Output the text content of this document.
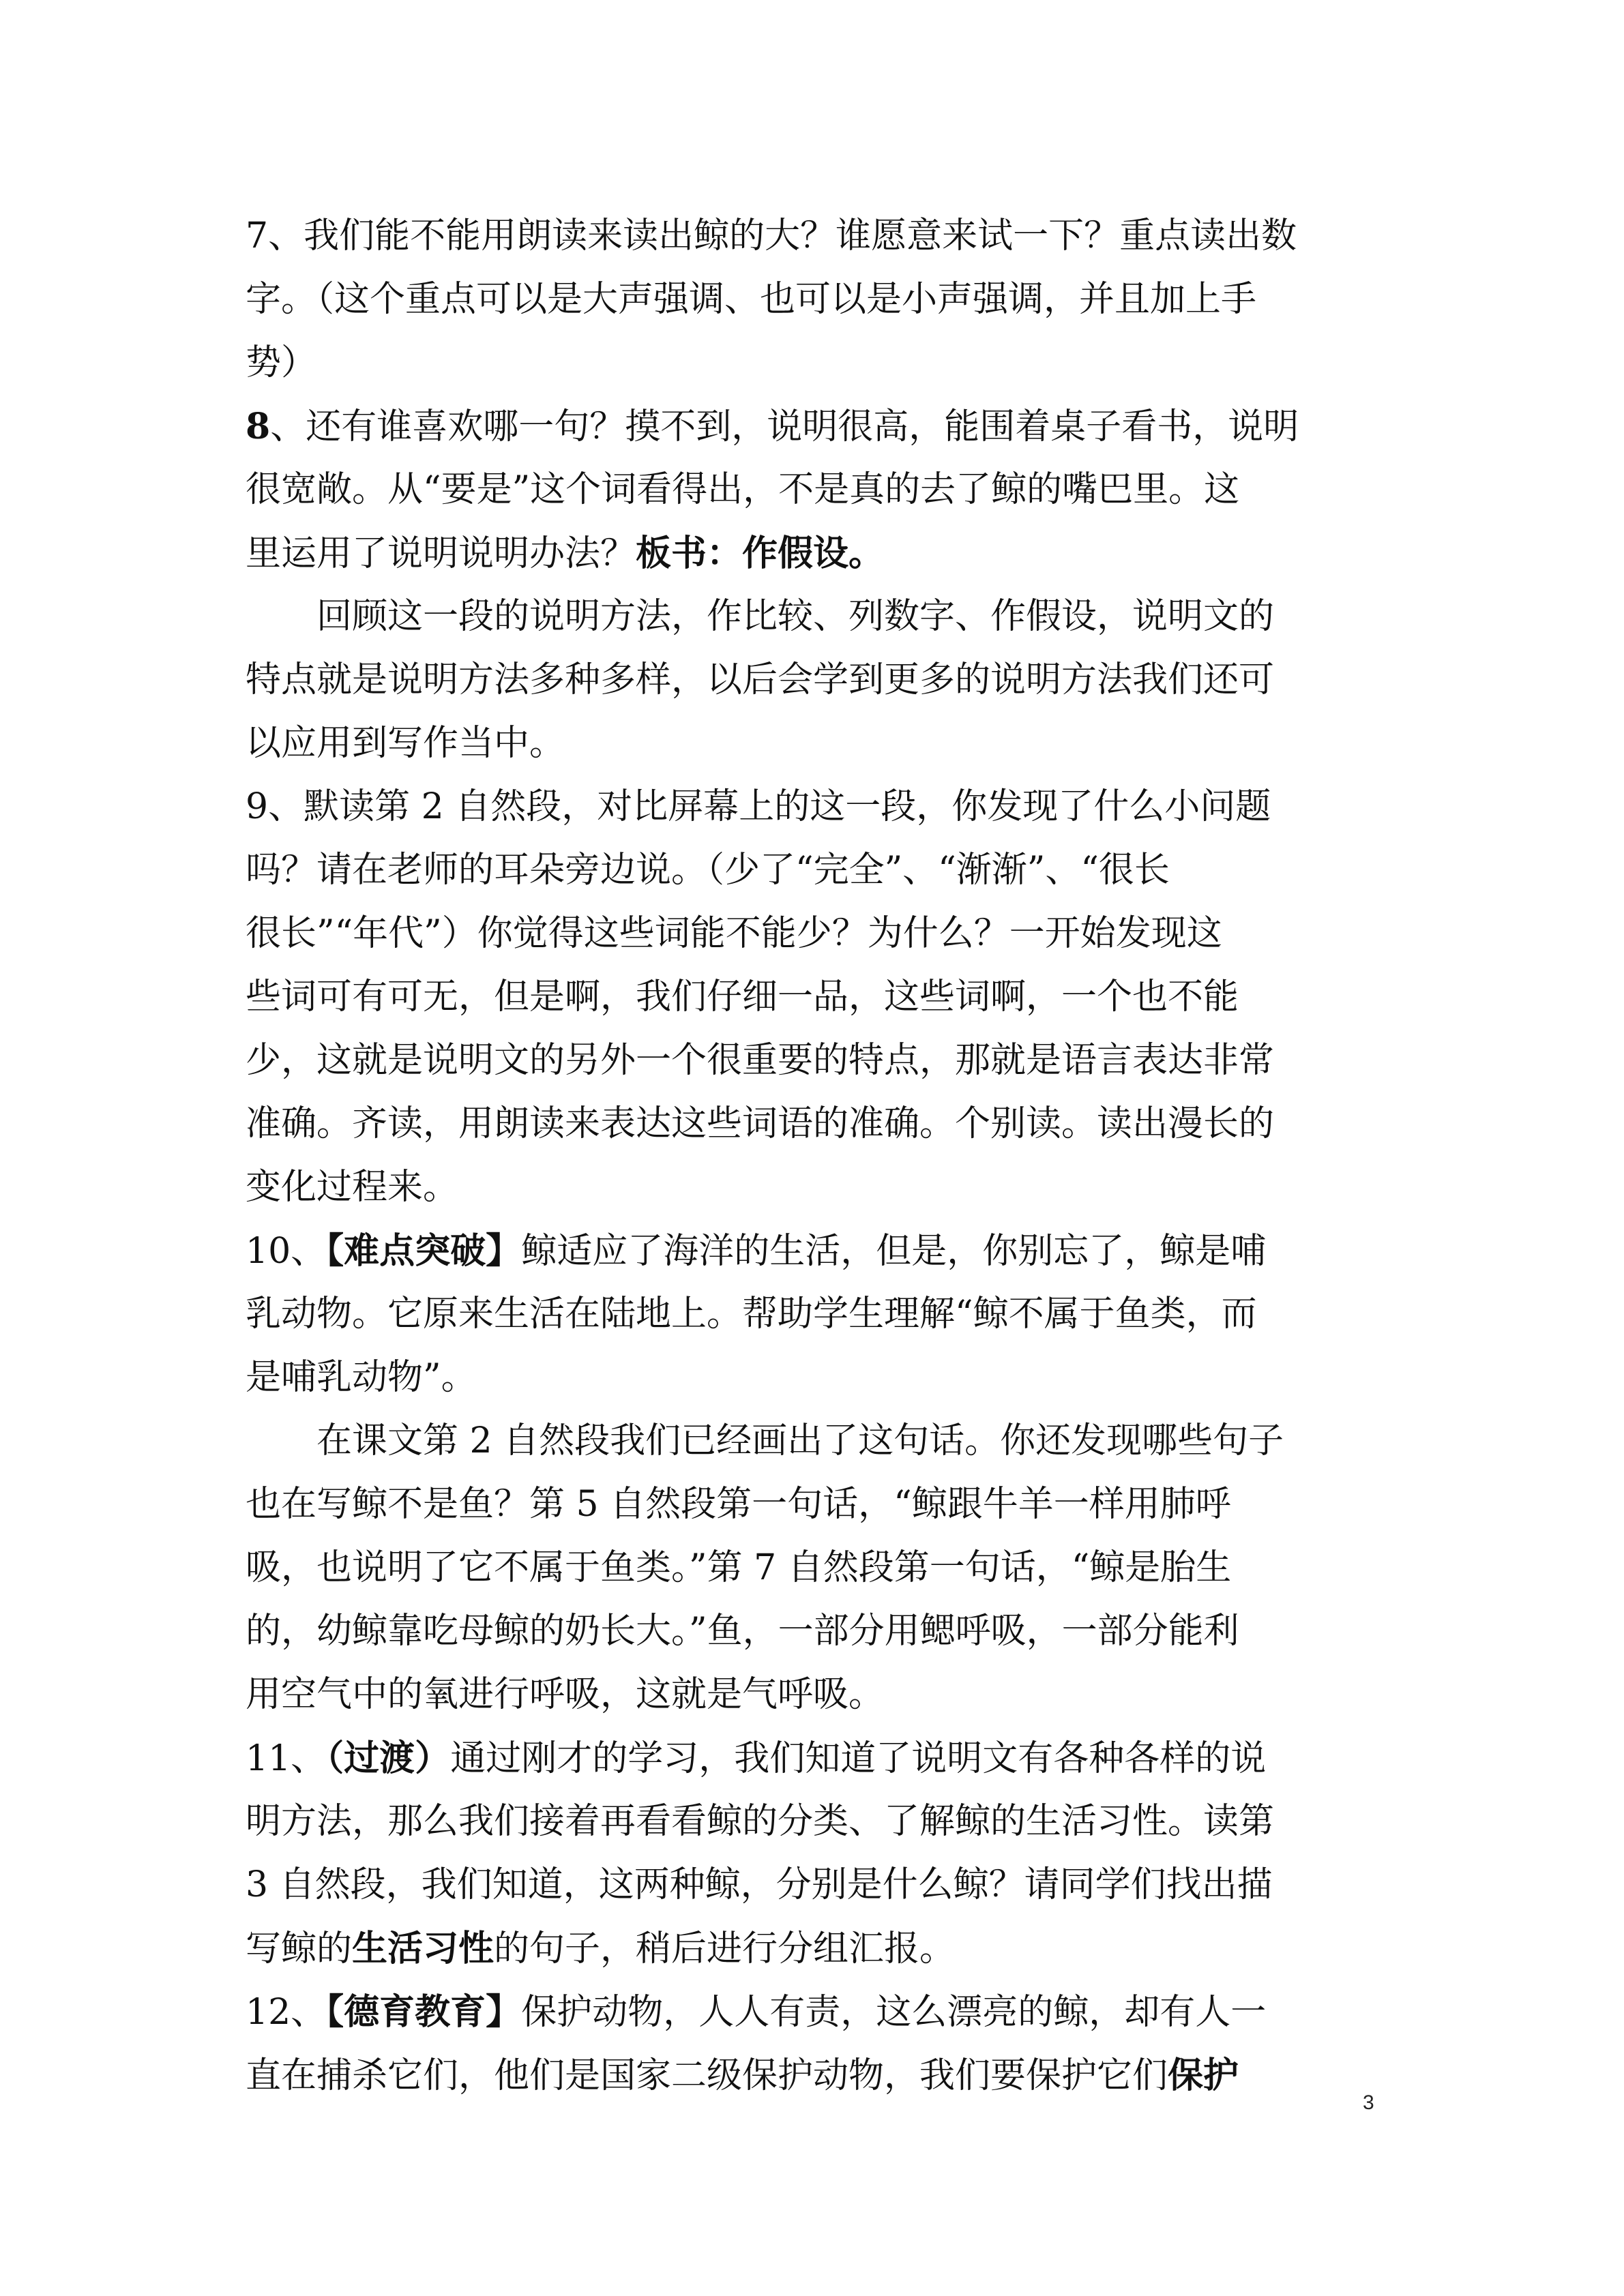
7、我们能不能用朗读来读出鲸的大？谁愿意来试一下？重点读出数
字。（这个重点可以是大声强调、也可以是小声强调，并且加上手
势）
8、还有谁喜欢哪一句？摸不到，说明很高，能围着桌子看书，说明
很宽敞。从“要是”这个词看得出，不是真的去了鲸的嘴巴里。这
里运用了说明说明办法？板书：作假设。
回顾这一段的说明方法，作比较、列数字、作假设，说明文的
特点就是说明方法多种多样，以后会学到更多的说明方法我们还可
以应用到写作当中。
9、默读第 2 自然段，对比屏幕上的这一段，你发现了什么小问题
吗？请在老师的耳朵旁边说。（少了“完全”、“渐渐”、“很长
很长”“年代”）你觉得这些词能不能少？为什么？一开始发现这
些词可有可无，但是啊，我们仔细一品，这些词啊，一个也不能
少，这就是说明文的另外一个很重要的特点，那就是语言表达非常
准确。齐读，用朗读来表达这些词语的准确。个别读。读出漫长的
变化过程来。
10、【难点突破】鲸适应了海洋的生活，但是，你别忘了，鲸是哺
乳动物。它原来生活在陆地上。帮助学生理解“鲸不属于鱼类，而
是哺乳动物”。
在课文第 2 自然段我们已经画出了这句话。你还发现哪些句子
也在写鲸不是鱼？第 5 自然段第一句话，“鲸跟牛羊一样用肺呼
吸，也说明了它不属于鱼类。”第 7 自然段第一句话，“鲸是胎生
的，幼鲸靠吃母鲸的奶长大。”鱼，一部分用鳃呼吸，一部分能利
用空气中的氧进行呼吸，这就是气呼吸。
11、（过渡）通过刚才的学习，我们知道了说明文有各种各样的说
明方法，那么我们接着再看看鲸的分类、了解鲸的生活习性。读第
3 自然段，我们知道，这两种鲸，分别是什么鲸？请同学们找出描
写鲸的生活习性的句子，稍后进行分组汇报。
12、【德育教育】保护动物，人人有责，这么漂亮的鲸，却有人一
直在捕杀它们，他们是国家二级保护动物，我们要保护它们保护
3
